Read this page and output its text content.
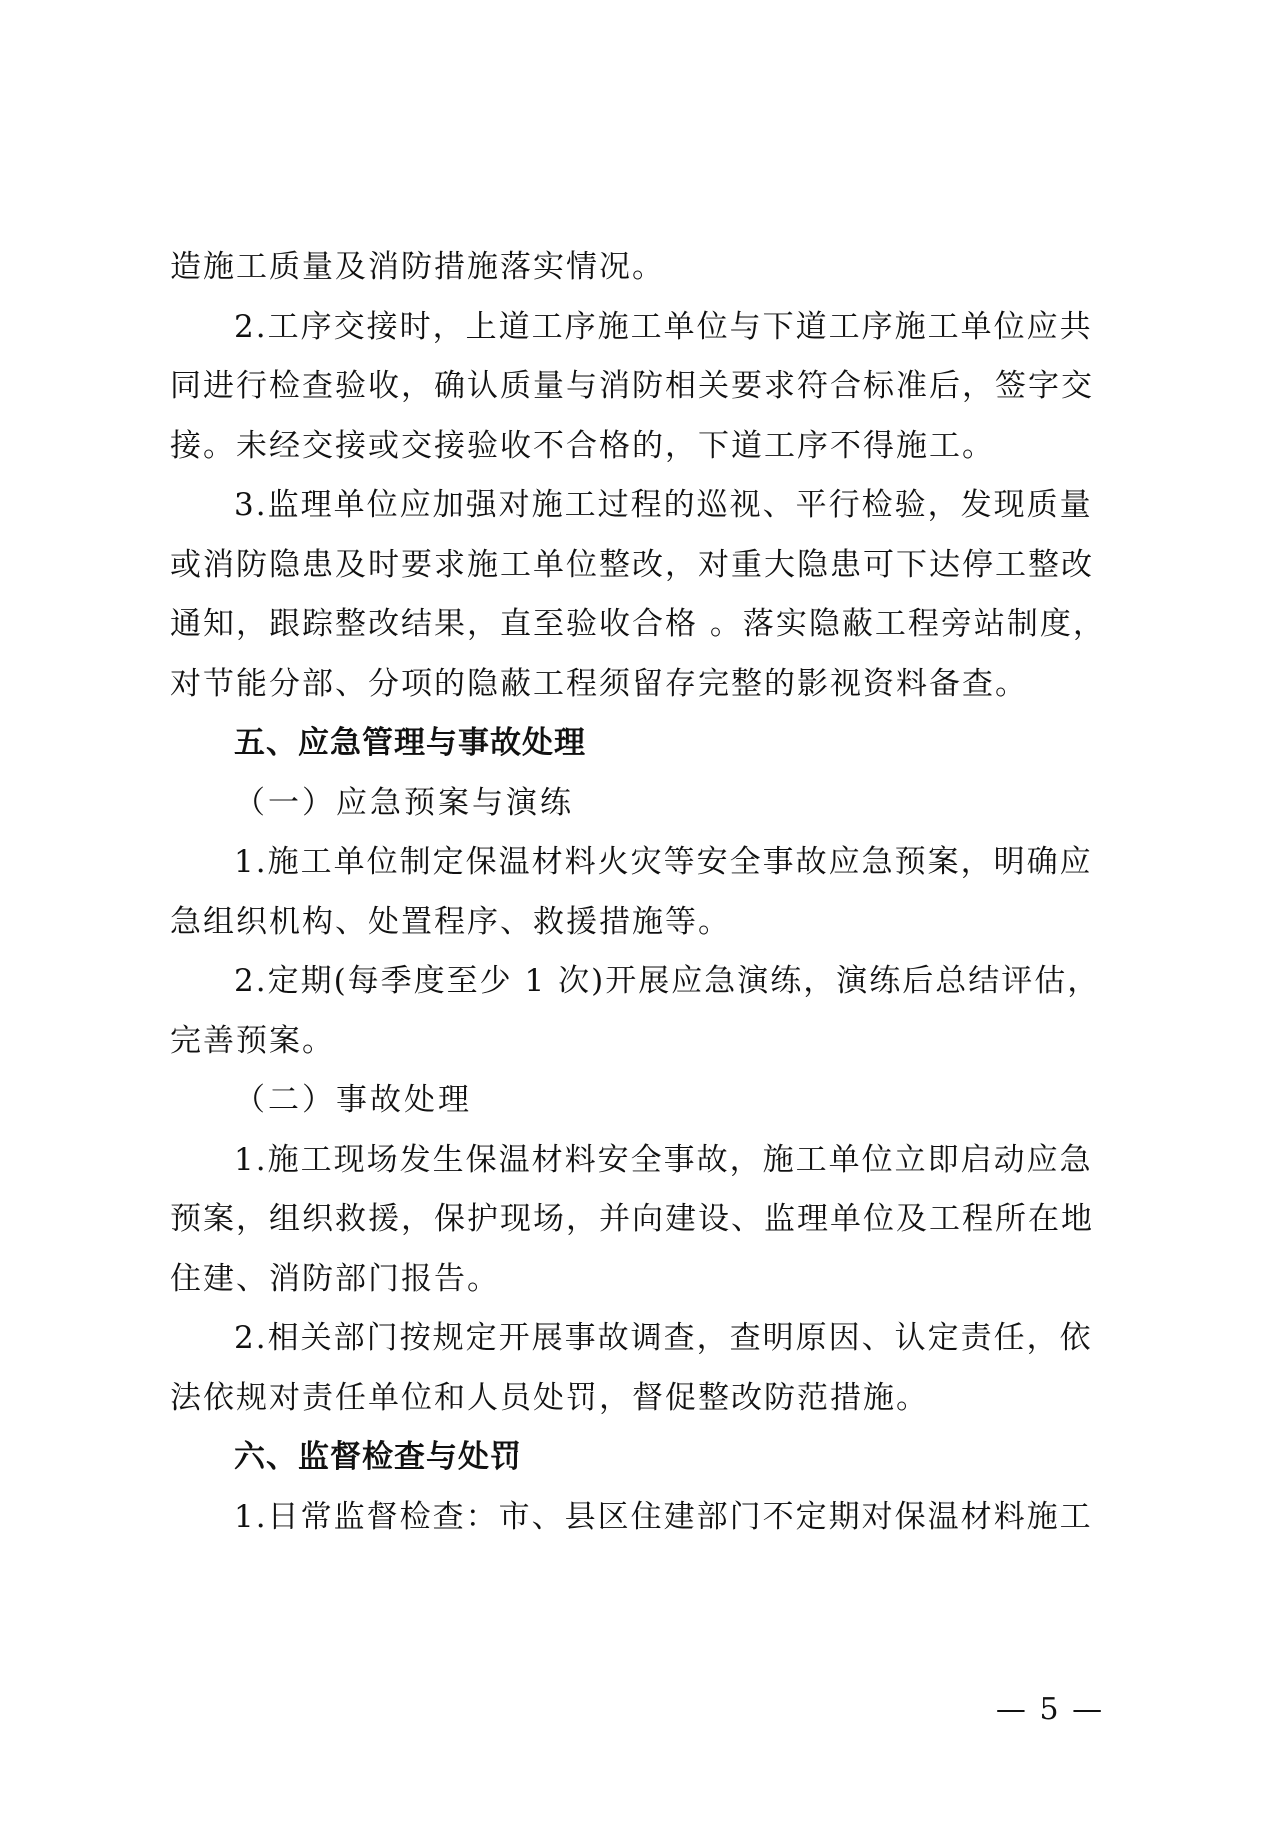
造施工质量及消防措施落实情况。
2.工序交接时，上道工序施工单位与下道工序施工单位应共
同进行检查验收，确认质量与消防相关要求符合标准后，签字交
接。未经交接或交接验收不合格的，下道工序不得施工。
3.监理单位应加强对施工过程的巡视、平行检验，发现质量
或消防隐患及时要求施工单位整改，对重大隐患可下达停工整改
通知，跟踪整改结果，直至验收合格 。落实隐蔽工程旁站制度，
对节能分部、分项的隐蔽工程须留存完整的影视资料备查。
五、应急管理与事故处理
（一）应急预案与演练
1.施工单位制定保温材料火灾等安全事故应急预案，明确应
急组织机构、处置程序、救援措施等。
2.定期(每季度至少 1 次)开展应急演练，演练后总结评估，
完善预案。
（二）事故处理
1.施工现场发生保温材料安全事故，施工单位立即启动应急
预案，组织救援，保护现场，并向建设、监理单位及工程所在地
住建、消防部门报告。
2.相关部门按规定开展事故调查，查明原因、认定责任，依
法依规对责任单位和人员处罚，督促整改防范措施。
六、监督检查与处罚
1.日常监督检查：市、县区住建部门不定期对保温材料施工
— 5 —
